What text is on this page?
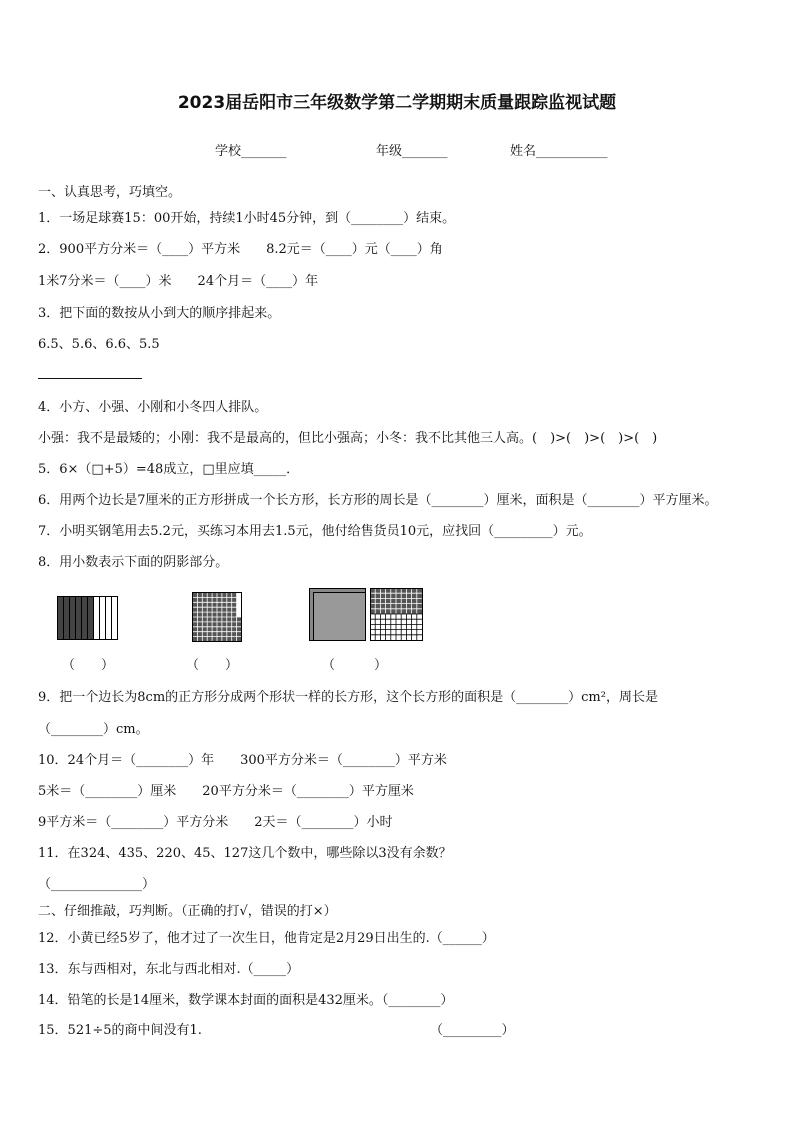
2023届岳阳市三年级数学第二学期期末质量跟踪监视试题
学校_______	年级_______	姓名___________
一、认真思考，巧填空。
1．一场足球赛15：00开始，持续1小时45分钟，到（________）结束。
2．900平方分米＝（____）平方米　　8.2元＝（____）元（____）角
1米7分米＝（____）米　　24个月＝（____）年
3．把下面的数按从小到大的顺序排起来。
6.5、5.6、6.6、5.5
4．小方、小强、小刚和小冬四人排队。
小强：我不是最矮的；小刚：我不是最高的，但比小强高；小冬：我不比其他三人高。(　)>(　)>(　)>(　)
5．6×（□+5）=48成立，□里应填_____．
6．用两个边长是7厘米的正方形拼成一个长方形，长方形的周长是（________）厘米，面积是（________）平方厘米。
7．小明买钢笔用去5.2元，买练习本用去1.5元，他付给售货员10元，应找回（_________）元。
8．用小数表示下面的阴影部分。
（　　）	（　　）	（　　　）
9．把一个边长为8cm的正方形分成两个形状一样的长方形，这个长方形的面积是（________）cm²，周长是
（________）cm。
10．24个月＝（________）年　　300平方分米＝（________）平方米
5米＝（________）厘米　　20平方分米＝（________）平方厘米
9平方米＝（________）平方分米　　2天＝（________）小时
11．在324、435、220、45、127这几个数中，哪些除以3没有余数？
（______________）
二、仔细推敲，巧判断。（正确的打√，错误的打×）
12．小黄已经5岁了，他才过了一次生日，他肯定是2月29日出生的.（______）
13．东与西相对，东北与西北相对.（_____）
14．铅笔的长是14厘米，数学课本封面的面积是432厘米。（________）
15．521÷5的商中间没有1.	（_________）
